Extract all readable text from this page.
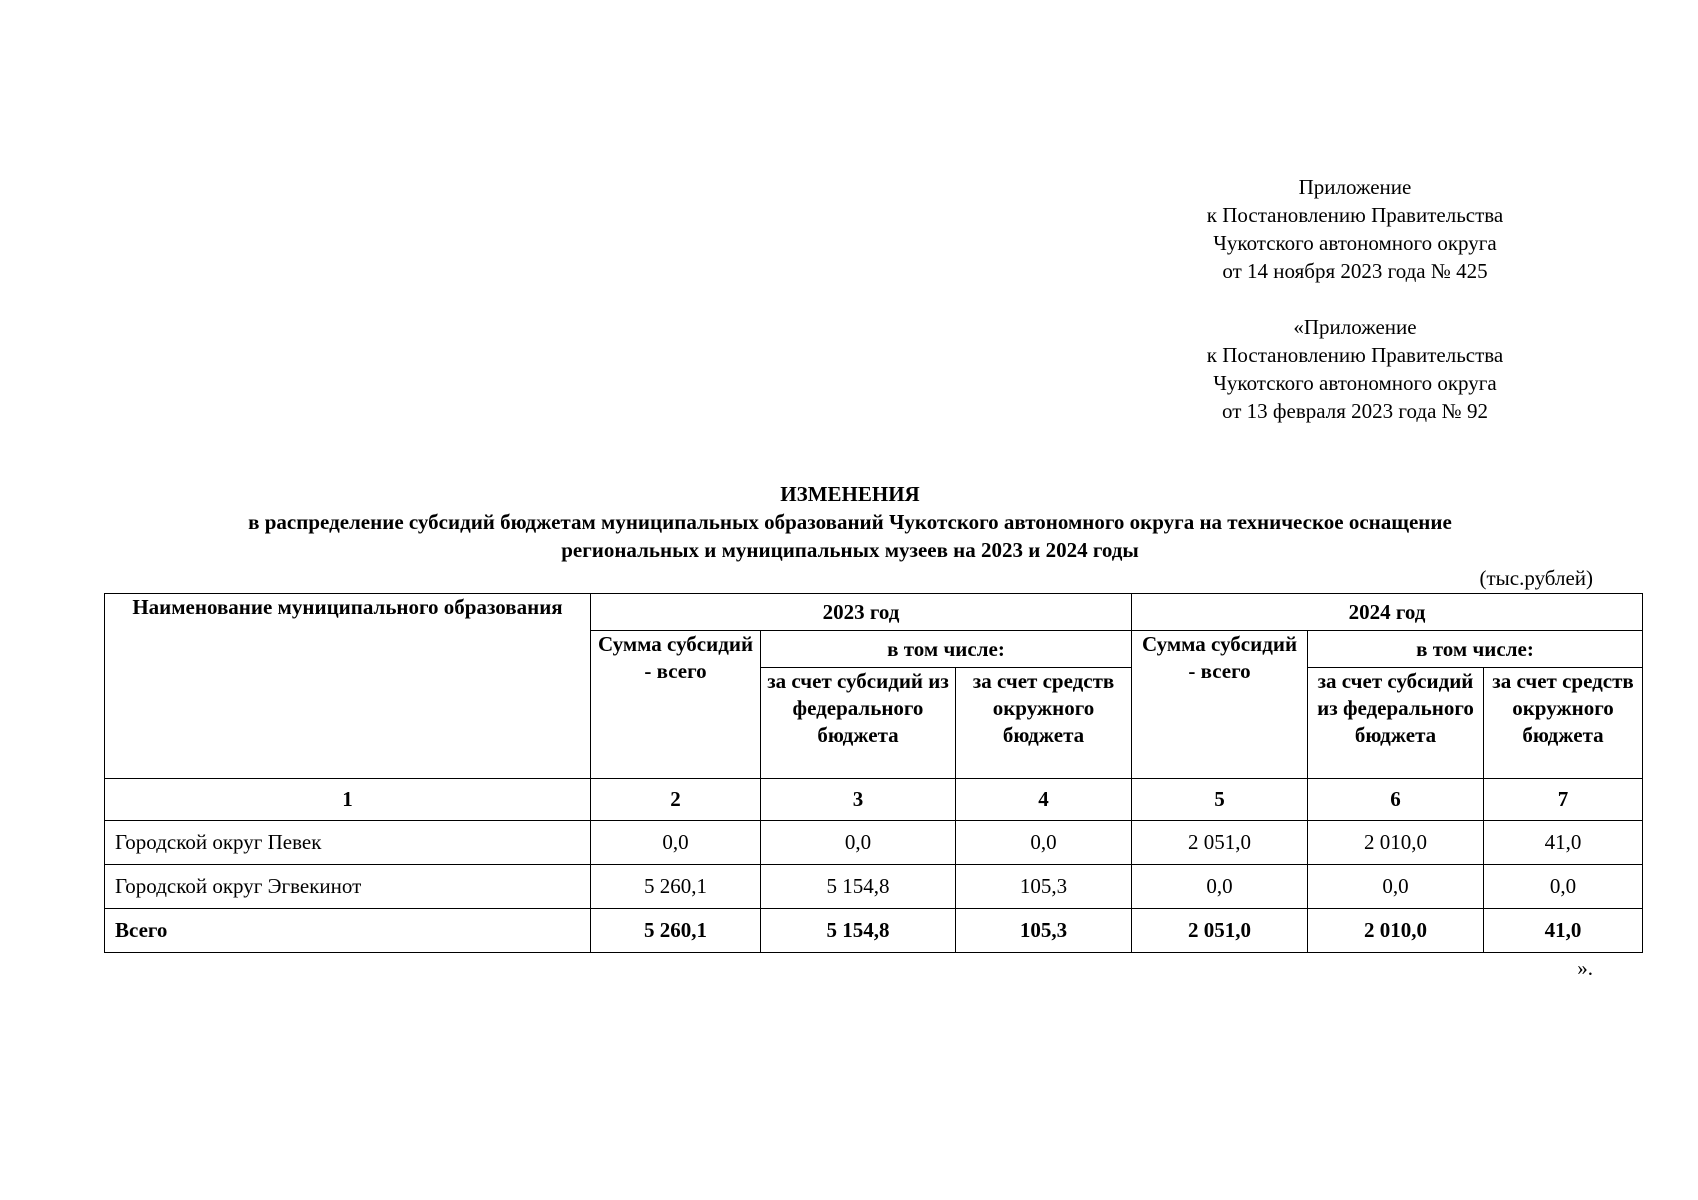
Приложение

к Постановлению Правительства

Чукотского автономного округа

от 14 ноября 2023 года № 425

«Приложение

к Постановлению Правительства

Чукотского автономного округа

от 13 февраля 2023 года № 92

ИЗМЕНЕНИЯ

в распределение субсидий бюджетам муниципальных образований Чукотского автономного округа на техническое оснащение

региональных и муниципальных музеев на 2023 и 2024 годы

(тыс.рублей)
Наименование муниципального образования	2023 год			2024 год		
	Сумма субсидий - всего	в том числе:		Сумма субсидий - всего	в том числе:	
		за счет субсидий из федерального бюджета	за счет средств окружного бюджета		за счет субсидий из федерального бюджета	за счет средств окружного бюджета
1	2	3	4	5	6	7
Городской округ Певек	0,0	0,0	0,0	2 051,0	2 010,0	41,0
Городской округ Эгвекинот	5 260,1	5 154,8	105,3	0,0	0,0	0,0
Всего	5 260,1	5 154,8	105,3	2 051,0	2 010,0	41,0
».
